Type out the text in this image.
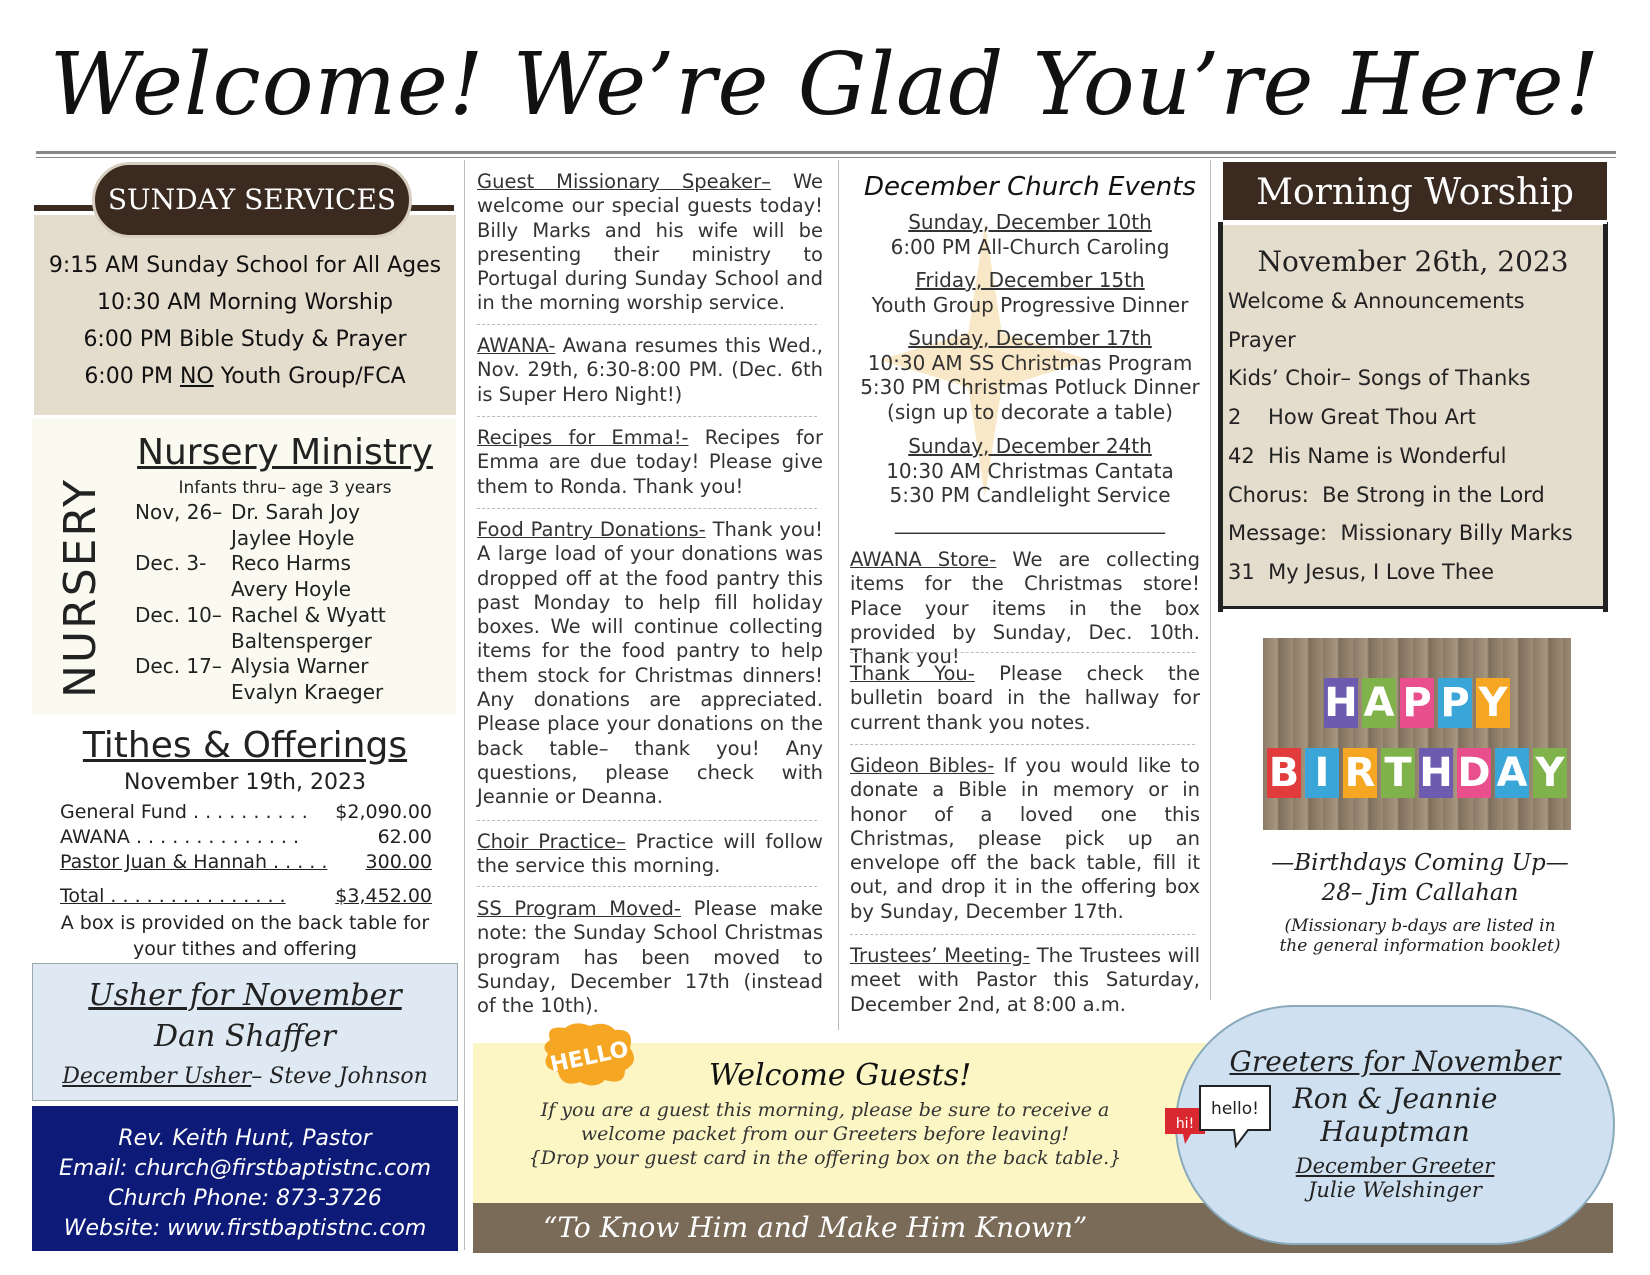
Welcome! We’re Glad You’re Here!
9:15 AM Sunday School for All Ages
10:30 AM Morning Worship
6:00 PM Bible Study & Prayer
6:00 PM NO Youth Group/FCA
SUNDAY SERVICES
NURSERY
Nursery Ministry
Infants thru– age 3 years
Nov, 26– Dr. Sarah Joy
Jaylee Hoyle
Dec. 3-	Reco Harms
Avery Hoyle
Dec. 10– Rachel & Wyatt
Baltensperger
Dec. 17– Alysia Warner
Evalyn Kraeger
Tithes & Offerings
November 19th, 2023
General Fund . . . . . . . . . . $2,090.00
AWANA . . . . . . . . . . . . . .	62.00
Pastor Juan & Hannah . . . . . 300.00
Total . . . . . . . . . . . . . . .	$3,452.00
A box is provided on the back table for your tithes and offering
Usher for November
Dan Shaffer
December Usher– Steve Johnson
Rev. Keith Hunt, Pastor
Email: church@firstbaptistnc.com
Church Phone: 873-3726
Website: www.firstbaptistnc.com
Guest Missionary Speaker– We welcome our special guests today! Billy Marks and his wife will be presenting their ministry to Portugal during Sunday School and in the morning worship service.
AWANA- Awana resumes this Wed., Nov. 29th, 6:30-8:00 PM. (Dec. 6th is Super Hero Night!)
Recipes for Emma!- Recipes for Emma are due today! Please give them to Ronda. Thank you!
Food Pantry Donations- Thank you! A large load of your donations was dropped off at the food pantry this past Monday to help fill holiday boxes. We will continue collecting items for the food pantry to help them stock for Christmas dinners! Any donations are appreciated. Please place your donations on the back table– thank you! Any questions, please check with Jeannie or Deanna.
Choir Practice– Practice will follow the service this morning.
SS Program Moved- Please make note: the Sunday School Christmas program has been moved to Sunday, December 17th (instead of the 10th).
December Church Events
Sunday, December 10th
6:00 PM All-Church Caroling
Friday, December 15th
Youth Group Progressive Dinner
Sunday, December 17th
10:30 AM SS Christmas Program
5:30 PM Christmas Potluck Dinner
(sign up to decorate a table)
Sunday, December 24th
10:30 AM Christmas Cantata
5:30 PM Candlelight Service
___________________________
AWANA Store- We are collecting items for the Christmas store! Place your items in the box provided by Sunday, Dec. 10th. Thank you!
Thank You- Please check the bulletin board in the hallway for current thank you notes.
Gideon Bibles- If you would like to donate a Bible in memory or in honor of a loved one this Christmas, please pick up an envelope off the back table, fill it out, and drop it in the offering box by Sunday, December 17th.
Trustees’ Meeting- The Trustees will meet with Pastor this Saturday, December 2nd, at 8:00 a.m.
Morning Worship
November 26th, 2023
Welcome & Announcements
Prayer
Kids’ Choir– Songs of Thanks
2    How Great Thou Art
42  His Name is Wonderful
Chorus:  Be Strong in the Lord
Message:  Missionary Billy Marks
31  My Jesus, I Love Thee
H A P P Y
B I R T H D A Y
—Birthdays Coming Up—
28– Jim Callahan
(Missionary b-days are listed in the general information booklet)
HELLO	Welcome Guests!
If you are a guest this morning, please be sure to receive a
welcome packet from our Greeters before leaving!
{Drop your guest card in the offering box on the back table.}
“To Know Him and Make Him Known”
Greeters for November
Ron & Jeannie
Hauptman
December Greeter
Julie Welshinger
hi!
hello!
